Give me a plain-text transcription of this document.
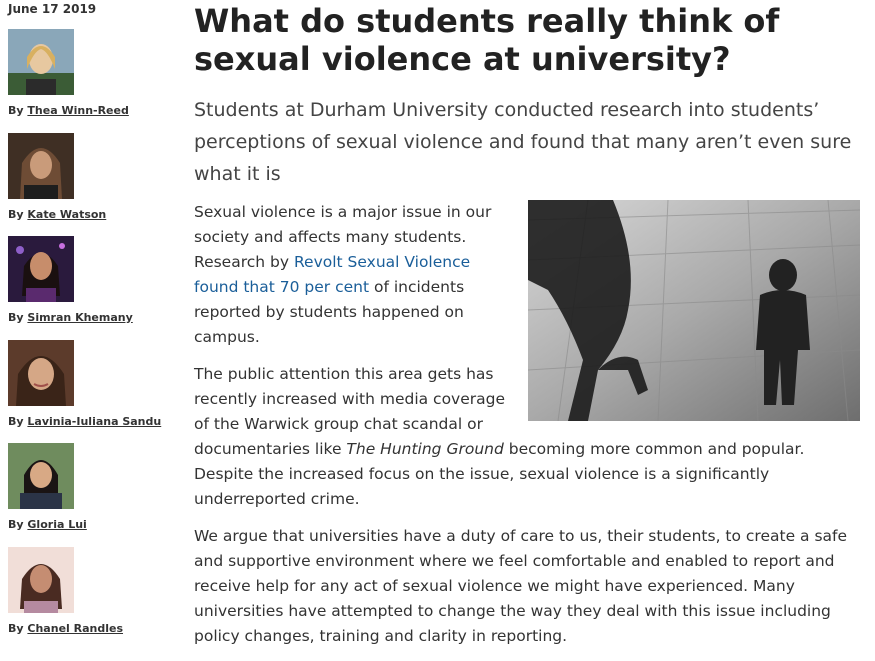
June 17 2019
By Thea Winn-Reed
By Kate Watson
By Simran Khemany
By Lavinia-Iuliana Sandu
By Gloria Lui
By Chanel Randles
What do students really think of sexual violence at university?

Students at Durham University conducted research into students’ perceptions of sexual violence and found that many aren’t even sure what it is

Sexual violence is a major issue in our society and affects many students. Research by Revolt Sexual Violence found that 70 per cent of incidents reported by students happened on campus.

The public attention this area gets has recently increased with media coverage of the Warwick group chat scandal or documentaries like The Hunting Ground becoming more common and popular. Despite the increased focus on the issue, sexual violence is a significantly underreported crime.

We argue that universities have a duty of care to us, their students, to create a safe and supportive environment where we feel comfortable and enabled to report and receive help for any act of sexual violence we might have experienced. Many universities have attempted to change the way they deal with this issue including policy changes, training and clarity in reporting.
